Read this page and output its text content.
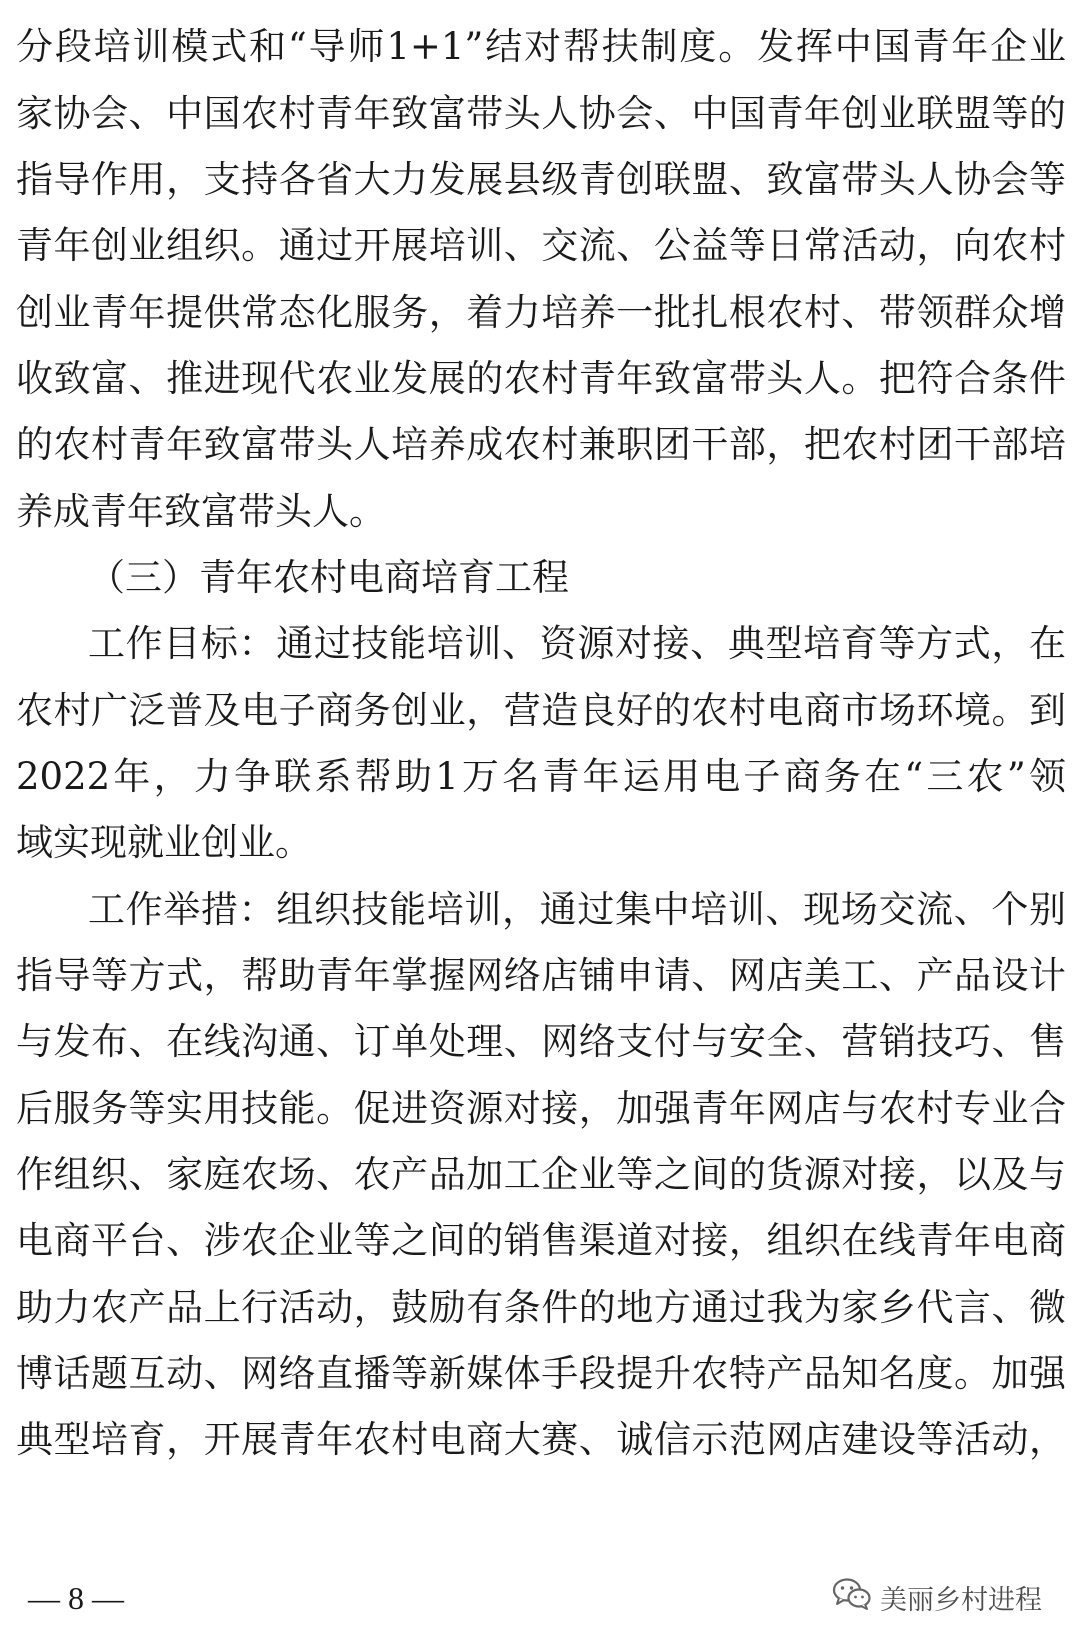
分段培训模式和“导师1+1”结对帮扶制度。发挥中国青年企业
家协会、中国农村青年致富带头人协会、中国青年创业联盟等的
指导作用，支持各省大力发展县级青创联盟、致富带头人协会等
青年创业组织。通过开展培训、交流、公益等日常活动，向农村
创业青年提供常态化服务，着力培养一批扎根农村、带领群众增
收致富、推进现代农业发展的农村青年致富带头人。把符合条件
的农村青年致富带头人培养成农村兼职团干部，把农村团干部培
养成青年致富带头人。
（三）青年农村电商培育工程
工作目标：通过技能培训、资源对接、典型培育等方式，在
农村广泛普及电子商务创业，营造良好的农村电商市场环境。到
2022年，力争联系帮助1万名青年运用电子商务在“三农”领
域实现就业创业。
工作举措：组织技能培训，通过集中培训、现场交流、个别
指导等方式，帮助青年掌握网络店铺申请、网店美工、产品设计
与发布、在线沟通、订单处理、网络支付与安全、营销技巧、售
后服务等实用技能。促进资源对接，加强青年网店与农村专业合
作组织、家庭农场、农产品加工企业等之间的货源对接，以及与
电商平台、涉农企业等之间的销售渠道对接，组织在线青年电商
助力农产品上行活动，鼓励有条件的地方通过我为家乡代言、微
博话题互动、网络直播等新媒体手段提升农特产品知名度。加强
典型培育，开展青年农村电商大赛、诚信示范网店建设等活动，
— 8 —	美丽乡村进程
